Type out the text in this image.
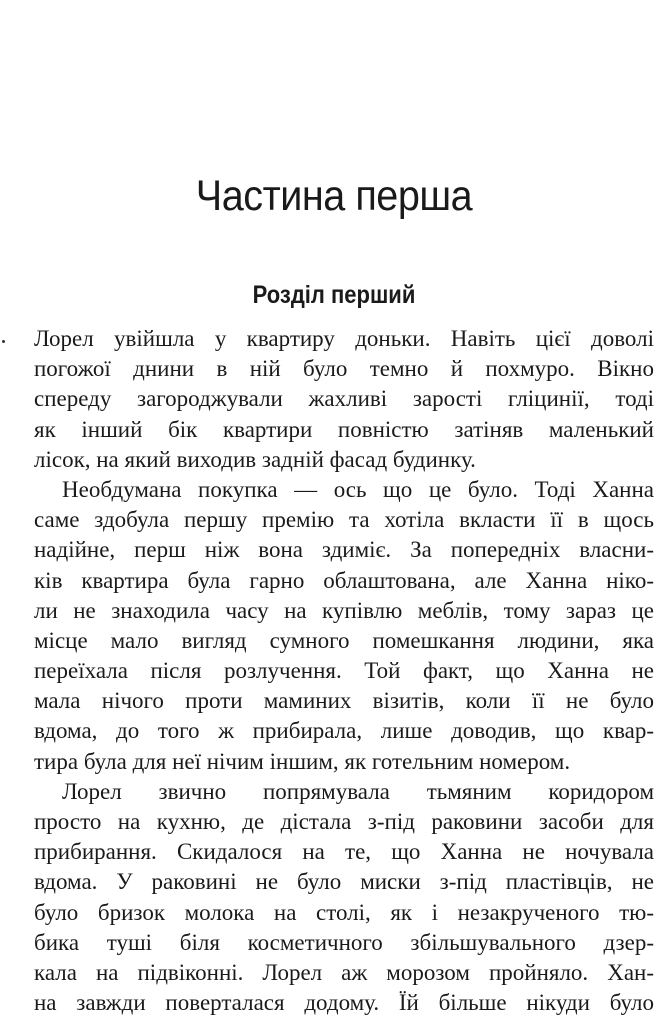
Частина перша
Розділ перший
Лорел увійшла у квартиру доньки. Навіть цієї доволі
погожої днини в ній було темно й похмуро. Вікно
спереду загороджували жахливі зарості гліцинії, тоді
як інший бік квартири повністю затіняв маленький
лісок, на який виходив задній фасад будинку.
Необдумана покупка — ось що це було. Тоді Ханна
саме здобула першу премію та хотіла вкласти її в щось
надійне, перш ніж вона здиміє. За попередніх власни-
ків квартира була гарно облаштована, але Ханна ніко-
ли не знаходила часу на купівлю меблів, тому зараз це
місце мало вигляд сумного помешкання людини, яка
переїхала після розлучення. Той факт, що Ханна не
мала нічого проти маминих візитів, коли її не було
вдома, до того ж прибирала, лише доводив, що квар-
тира була для неї нічим іншим, як готельним номером.
Лорел звично попрямувала тьмяним коридором
просто на кухню, де дістала з-під раковини засоби для
прибирання. Скидалося на те, що Ханна не ночувала
вдома. У раковині не було миски з-під пластівців, не
було бризок молока на столі, як і незакрученого тю-
бика туші біля косметичного збільшувального дзер-
кала на підвіконні. Лорел аж морозом пройняло. Хан-
на завжди поверталася додому. Їй більше нікуди було
